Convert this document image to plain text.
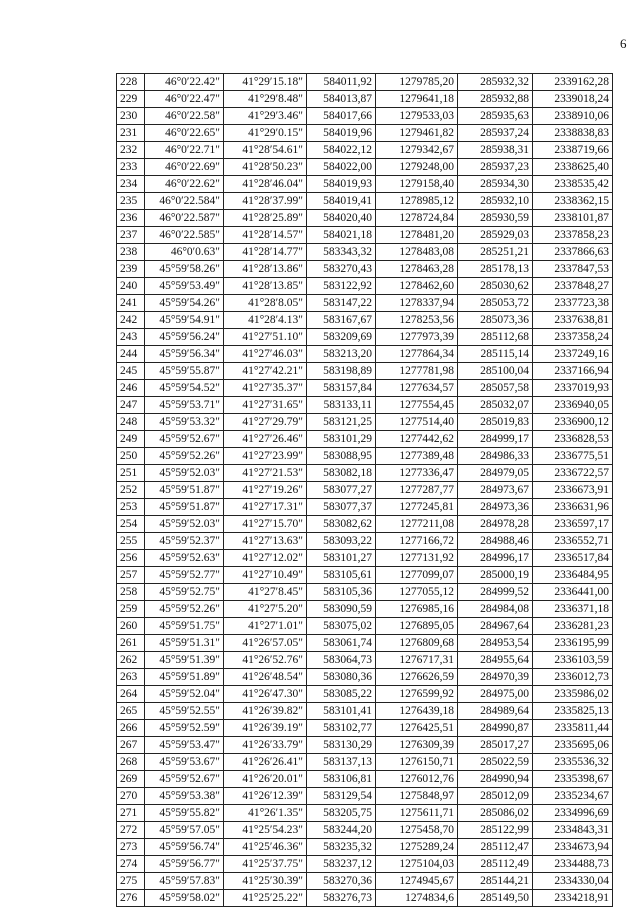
6
228	46°0′22.42"	41°29′15.18"	584011,92	1279785,20	285932,32	2339162,28
229	46°0′22.47"	41°29′8.48"	584013,87	1279641,18	285932,88	2339018,24
230	46°0′22.58"	41°29′3.46"	584017,66	1279533,03	285935,63	2338910,06
231	46°0′22.65"	41°29′0.15"	584019,96	1279461,82	285937,24	2338838,83
232	46°0′22.71"	41°28′54.61"	584022,12	1279342,67	285938,31	2338719,66
233	46°0′22.69"	41°28′50.23"	584022,00	1279248,00	285937,23	2338625,40
234	46°0′22.62"	41°28′46.04"	584019,93	1279158,40	285934,30	2338535,42
235	46°0′22.584"	41°28′37.99"	584019,41	1278985,12	285932,10	2338362,15
236	46°0′22.587"	41°28′25.89"	584020,40	1278724,84	285930,59	2338101,87
237	46°0′22.585"	41°28′14.57"	584021,18	1278481,20	285929,03	2337858,23
238	46°0′0.63"	41°28′14.77"	583343,32	1278483,08	285251,21	2337866,63
239	45°59′58.26"	41°28′13.86"	583270,43	1278463,28	285178,13	2337847,53
240	45°59′53.49"	41°28′13.85"	583122,92	1278462,60	285030,62	2337848,27
241	45°59′54.26"	41°28′8.05"	583147,22	1278337,94	285053,72	2337723,38
242	45°59′54.91"	41°28′4.13"	583167,67	1278253,56	285073,36	2337638,81
243	45°59′56.24"	41°27′51.10"	583209,69	1277973,39	285112,68	2337358,24
244	45°59′56.34"	41°27′46.03"	583213,20	1277864,34	285115,14	2337249,16
245	45°59′55.87"	41°27′42.21"	583198,89	1277781,98	285100,04	2337166,94
246	45°59′54.52"	41°27′35.37"	583157,84	1277634,57	285057,58	2337019,93
247	45°59′53.71"	41°27′31.65"	583133,11	1277554,45	285032,07	2336940,05
248	45°59′53.32"	41°27′29.79"	583121,25	1277514,40	285019,83	2336900,12
249	45°59′52.67"	41°27′26.46"	583101,29	1277442,62	284999,17	2336828,53
250	45°59′52.26"	41°27′23.99"	583088,95	1277389,48	284986,33	2336775,51
251	45°59′52.03"	41°27′21.53"	583082,18	1277336,47	284979,05	2336722,57
252	45°59′51.87"	41°27′19.26"	583077,27	1277287,77	284973,67	2336673,91
253	45°59′51.87"	41°27′17.31"	583077,37	1277245,81	284973,36	2336631,96
254	45°59′52.03"	41°27′15.70"	583082,62	1277211,08	284978,28	2336597,17
255	45°59′52.37"	41°27′13.63"	583093,22	1277166,72	284988,46	2336552,71
256	45°59′52.63"	41°27′12.02"	583101,27	1277131,92	284996,17	2336517,84
257	45°59′52.77"	41°27′10.49"	583105,61	1277099,07	285000,19	2336484,95
258	45°59′52.75"	41°27′8.45"	583105,36	1277055,12	284999,52	2336441,00
259	45°59′52.26"	41°27′5.20"	583090,59	1276985,16	284984,08	2336371,18
260	45°59′51.75"	41°27′1.01"	583075,02	1276895,05	284967,64	2336281,23
261	45°59′51.31"	41°26′57.05"	583061,74	1276809,68	284953,54	2336195,99
262	45°59′51.39"	41°26′52.76"	583064,73	1276717,31	284955,64	2336103,59
263	45°59′51.89"	41°26′48.54"	583080,36	1276626,59	284970,39	2336012,73
264	45°59′52.04"	41°26′47.30"	583085,22	1276599,92	284975,00	2335986,02
265	45°59′52.55"	41°26′39.82"	583101,41	1276439,18	284989,64	2335825,13
266	45°59′52.59"	41°26′39.19"	583102,77	1276425,51	284990,87	2335811,44
267	45°59′53.47"	41°26′33.79"	583130,29	1276309,39	285017,27	2335695,06
268	45°59′53.67"	41°26′26.41"	583137,13	1276150,71	285022,59	2335536,32
269	45°59′52.67"	41°26′20.01"	583106,81	1276012,76	284990,94	2335398,67
270	45°59′53.38"	41°26′12.39"	583129,54	1275848,97	285012,09	2335234,67
271	45°59′55.82"	41°26′1.35"	583205,75	1275611,71	285086,02	2334996,69
272	45°59′57.05"	41°25′54.23"	583244,20	1275458,70	285122,99	2334843,31
273	45°59′56.74"	41°25′46.36"	583235,32	1275289,24	285112,47	2334673,94
274	45°59′56.77"	41°25′37.75"	583237,12	1275104,03	285112,49	2334488,73
275	45°59′57.83"	41°25′30.39"	583270,36	1274945,67	285144,21	2334330,04
276	45°59′58.02"	41°25′25.22"	583276,73	1274834,6	285149,50	2334218,91
